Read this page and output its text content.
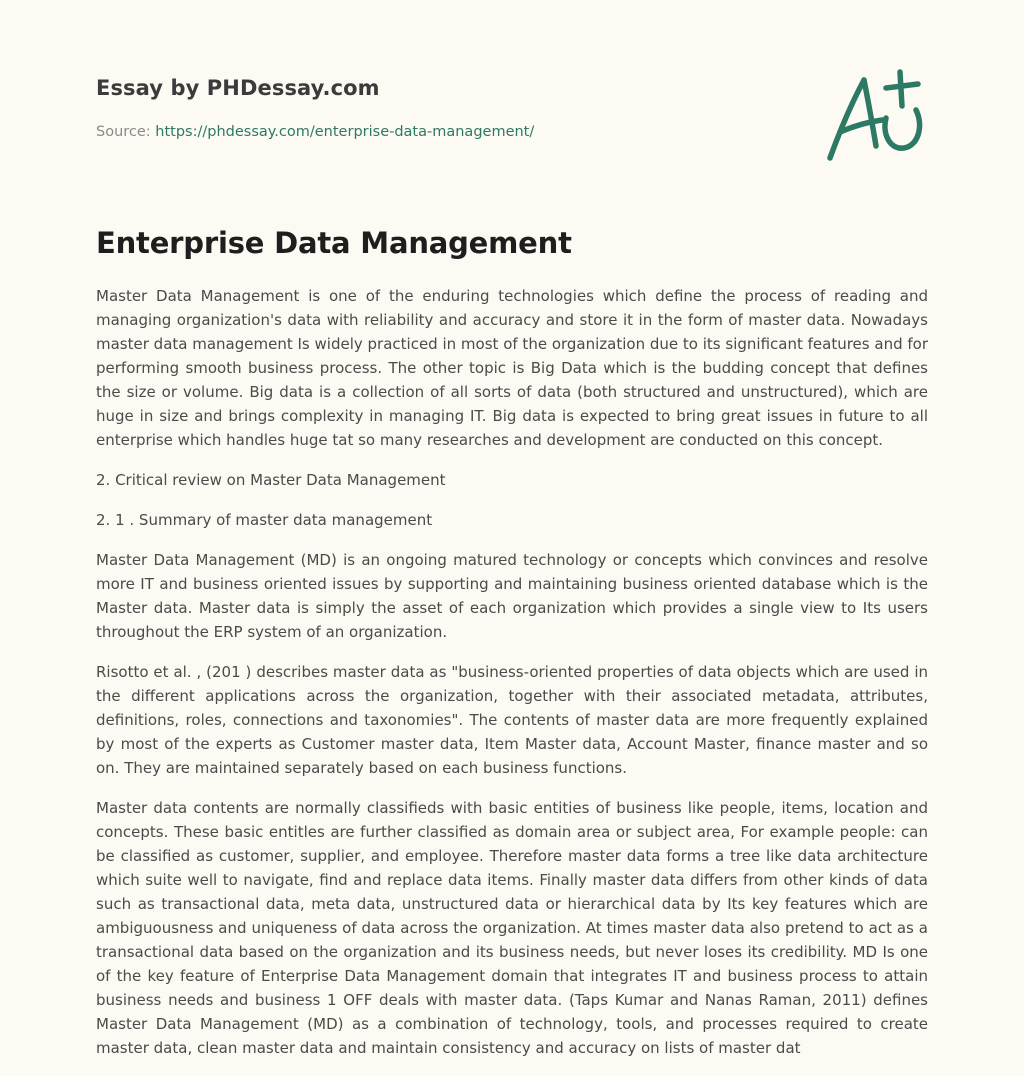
Essay by PHDessay.com
Source: https://phdessay.com/enterprise-data-management/
Enterprise Data Management

Master Data Management is one of the enduring technologies which define the process of reading and managing organization's data with reliability and accuracy and store it in the form of master data. Nowadays master data management Is widely practiced in most of the organization due to its significant features and for performing smooth business process. The other topic is Big Data which is the budding concept that defines the size or volume. Big data is a collection of all sorts of data (both structured and unstructured), which are huge in size and brings complexity in managing IT. Big data is expected to bring great issues in future to all enterprise which handles huge tat so many researches and development are conducted on this concept.

2. Critical review on Master Data Management

2. 1 . Summary of master data management

Master Data Management (MD) is an ongoing matured technology or concepts which convinces and resolve more IT and business oriented issues by supporting and maintaining business oriented database which is the Master data. Master data is simply the asset of each organization which provides a single view to Its users throughout the ERP system of an organization.

Risotto et al. , (201 ) describes master data as "business-oriented properties of data objects which are used in the different applications across the organization, together with their associated metadata, attributes, definitions, roles, connections and taxonomies". The contents of master data are more frequently explained by most of the experts as Customer master data, Item Master data, Account Master, finance master and so on. They are maintained separately based on each business functions.

Master data contents are normally classifieds with basic entities of business like people, items, location and concepts. These basic entitles are further classified as domain area or subject area, For example people: can be classified as customer, supplier, and employee. Therefore master data forms a tree like data architecture which suite well to navigate, find and replace data items. Finally master data differs from other kinds of data such as transactional data, meta data, unstructured data or hierarchical data by Its key features which are ambiguousness and uniqueness of data across the organization. At times master data also pretend to act as a transactional data based on the organization and its business needs, but never loses its credibility. MD Is one of the key feature of Enterprise Data Management domain that integrates IT and business process to attain business needs and business 1 OFF deals with master data. (Taps Kumar and Nanas Raman, 2011) defines Master Data Management (MD) as a combination of technology, tools, and processes required to create master data, clean master data and maintain consistency and accuracy on lists of master dat
